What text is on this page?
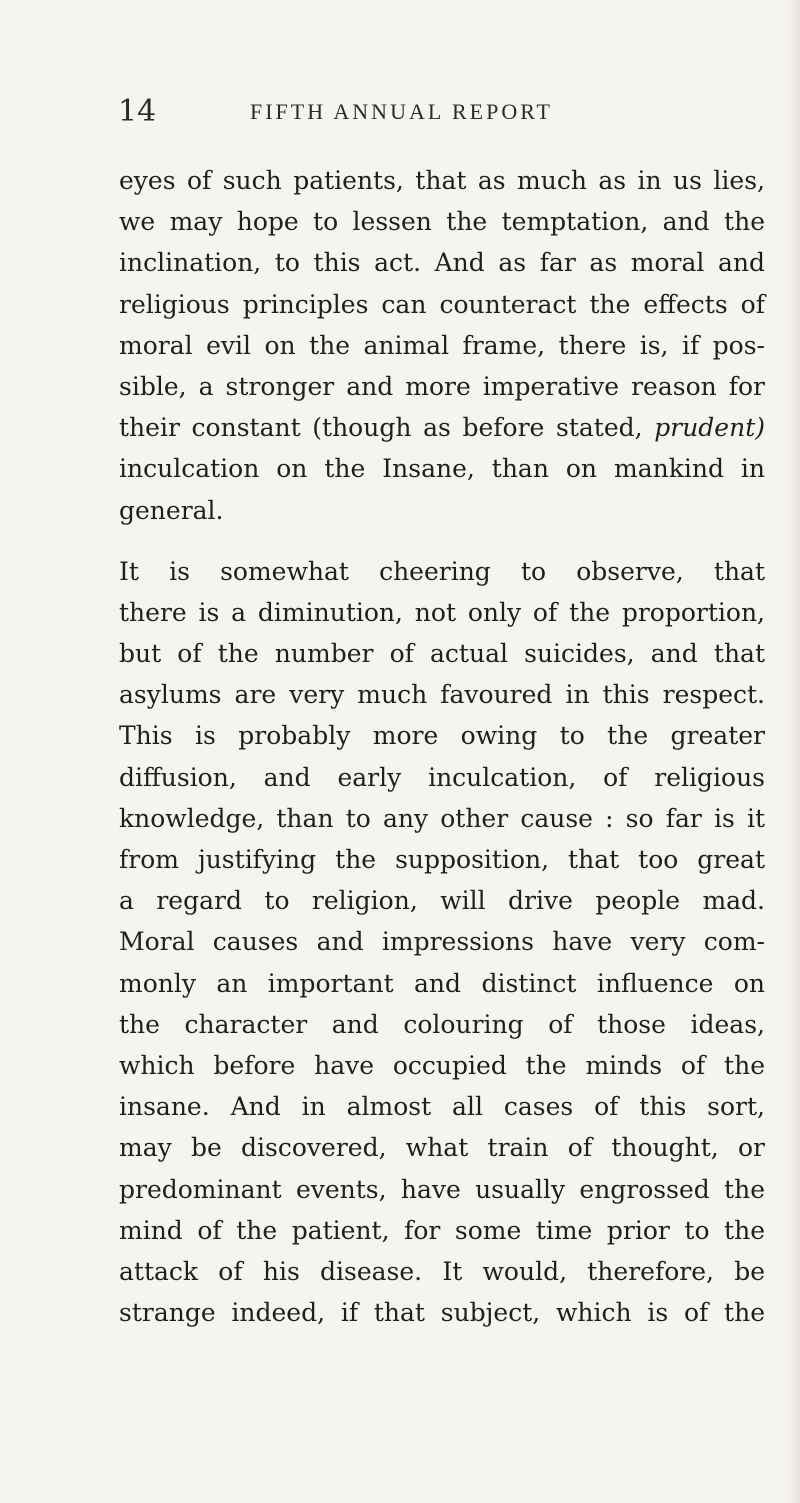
14	FIFTH ANNUAL REPORT
eyes of such patients, that as much as in us lies,
we may hope to lessen the temptation, and the
inclination, to this act. And as far as moral and
religious principles can counteract the effects of
moral evil on the animal frame, there is, if pos-
sible, a stronger and more imperative reason for
their constant (though as before stated, prudent)
inculcation on the Insane, than on mankind in
general.
It is somewhat cheering to observe, that
there is a diminution, not only of the proportion,
but of the number of actual suicides, and that
asylums are very much favoured in this respect.
This is probably more owing to the greater
diffusion, and early inculcation, of religious
knowledge, than to any other cause : so far is it
from justifying the supposition, that too great
a regard to religion, will drive people mad.
Moral causes and impressions have very com-
monly an important and distinct influence on
the character and colouring of those ideas,
which before have occupied the minds of the
insane. And in almost all cases of this sort,
may be discovered, what train of thought, or
predominant events, have usually engrossed the
mind of the patient, for some time prior to the
attack of his disease. It would, therefore, be
strange indeed, if that subject, which is of the
